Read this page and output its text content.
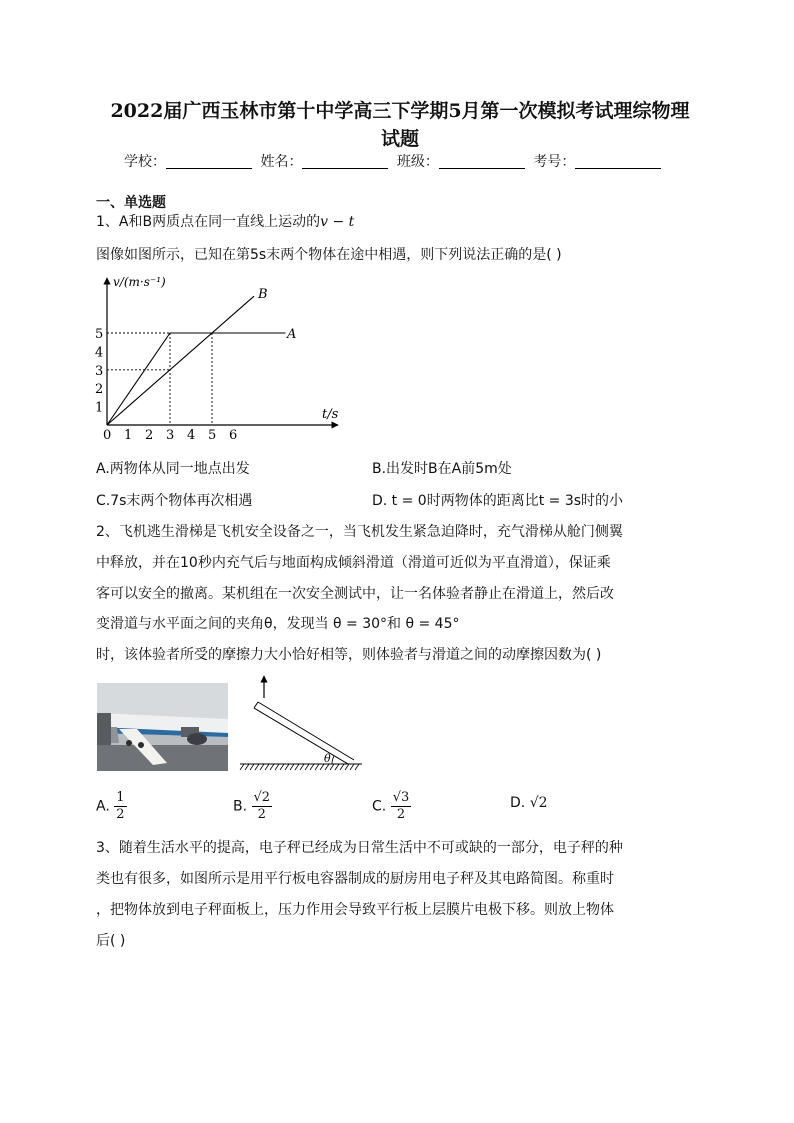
2022届广西玉林市第十中学高三下学期5月第一次模拟考试理综物理
试题
学校：	姓名：	班级：	考号：
一、单选题
1、A和B两质点在同一直线上运动的v − t
图像如图所示，已知在第5s末两个物体在途中相遇，则下列说法正确的是( )
v/(m·s⁻¹)
t/s
0 1 2 3 4 5 6
1
2
3
4
5
B
A
A.两物体从同一地点出发	B.出发时B在A前5m处
C.7s末两个物体再次相遇	D. t = 0时两物体的距离比t = 3s时的小
2、飞机逃生滑梯是飞机安全设备之一，当飞机发生紧急迫降时，充气滑梯从舱门侧翼
中释放，并在10秒内充气后与地面构成倾斜滑道（滑道可近似为平直滑道），保证乘
客可以安全的撤离。某机组在一次安全测试中，让一名体验者静止在滑道上，然后改
变滑道与水平面之间的夹角θ，发现当 θ = 30°和 θ = 45°
时，该体验者所受的摩擦力大小恰好相等，则体验者与滑道之间的动摩擦因数为( )
θ
A. $\frac{1}{2}$	B. $\frac{√2}{2}$	C. $\frac{√3}{2}$	D. √2
3、随着生活水平的提高，电子秤已经成为日常生活中不可或缺的一部分，电子秤的种
类也有很多，如图所示是用平行板电容器制成的厨房用电子秤及其电路简图。称重时
，把物体放到电子秤面板上，压力作用会导致平行板上层膜片电极下移。则放上物体
后( )
